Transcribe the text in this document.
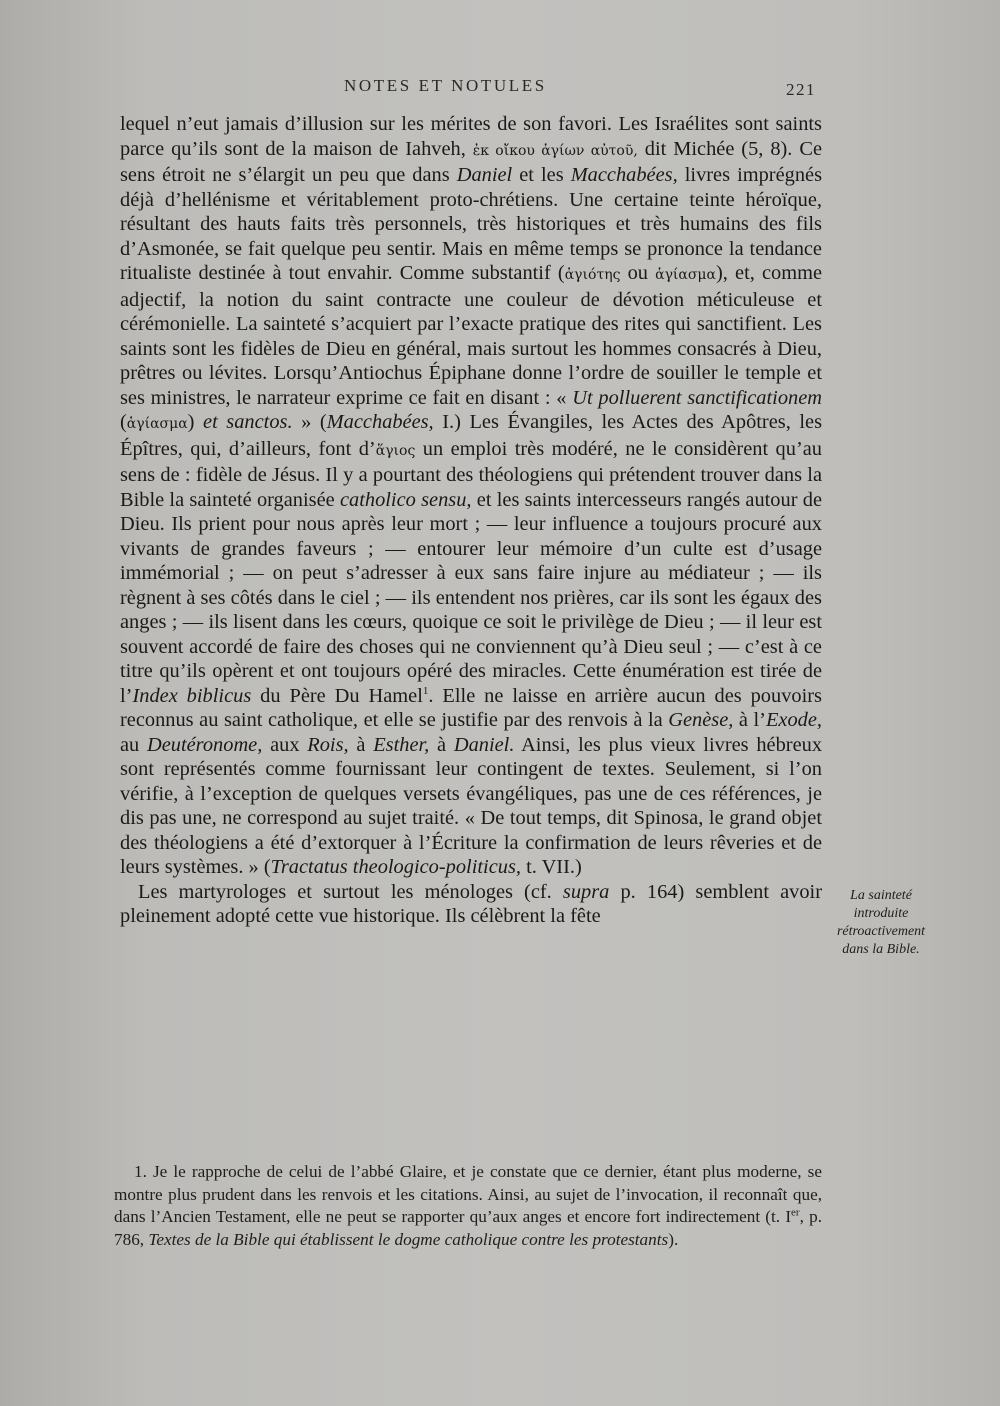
NOTES ET NOTULES	221

lequel n’eut jamais d’illusion sur les mérites de son favori. Les Israélites sont saints parce qu’ils sont de la maison de Iahveh, ἐκ οἴκου ἁγίων αὐτοῦ, dit Michée (5, 8). Ce sens étroit ne s’élargit un peu que dans Daniel et les Macchabées, livres imprégnés déjà d’hellénisme et véritablement proto-chrétiens. Une certaine teinte héroïque, résultant des hauts faits très personnels, très historiques et très humains des fils d’Asmonée, se fait quelque peu sentir. Mais en même temps se prononce la tendance ritualiste destinée à tout envahir. Comme substantif (ἁγιότης ou ἁγίασμα), et, comme adjectif, la notion du saint contracte une couleur de dévotion méticuleuse et cérémonielle. La sainteté s’acquiert par l’exacte pratique des rites qui sanctifient. Les saints sont les fidèles de Dieu en général, mais surtout les hommes consacrés à Dieu, prêtres ou lévites. Lorsqu’Antiochus Épiphane donne l’ordre de souiller le temple et ses ministres, le narrateur exprime ce fait en disant : « Ut polluerent sanctificationem (ἁγίασμα) et sanctos. » (Macchabées, I.) Les Évangiles, les Actes des Apôtres, les Épîtres, qui, d’ailleurs, font d’ἅγιος un emploi très modéré, ne le considèrent qu’au sens de : fidèle de Jésus. Il y a pourtant des théologiens qui prétendent trouver dans la Bible la sainteté organisée catholico sensu, et les saints intercesseurs rangés autour de Dieu. Ils prient pour nous après leur mort ; — leur influence a toujours procuré aux vivants de grandes faveurs ; — entourer leur mémoire d’un culte est d’usage immémorial ; — on peut s’adresser à eux sans faire injure au médiateur ; — ils règnent à ses côtés dans le ciel ; — ils entendent nos prières, car ils sont les égaux des anges ; — ils lisent dans les cœurs, quoique ce soit le privilège de Dieu ; — il leur est souvent accordé de faire des choses qui ne conviennent qu’à Dieu seul ; — c’est à ce titre qu’ils opèrent et ont toujours opéré des miracles. Cette énumération est tirée de l’Index biblicus du Père Du Hamel$^1$. Elle ne laisse en arrière aucun des pouvoirs reconnus au saint catholique, et elle se justifie par des renvois à la Genèse, à l’Exode, au Deutéronome, aux Rois, à Esther, à Daniel. Ainsi, les plus vieux livres hébreux sont représentés comme fournissant leur contingent de textes. Seulement, si l’on vérifie, à l’exception de quelques versets évangéliques, pas une de ces références, je dis pas une, ne correspond au sujet traité. « De tout temps, dit Spinosa, le grand objet des théologiens a été d’extorquer à l’Écriture la confirmation de leurs rêveries et de leurs systèmes. » (Tractatus theologico-politicus, t. VII.)

Les martyrologes et surtout les ménologes (cf. supra p. 164) semblent avoir pleinement adopté cette vue historique. Ils célèbrent la fête

La sainteté
introduite
rétroactivement
dans la Bible.
1. Je le rapproche de celui de l’abbé Glaire, et je constate que ce dernier, étant plus moderne, se montre plus prudent dans les renvois et les citations. Ainsi, au sujet de l’invocation, il reconnaît que, dans l’Ancien Testament, elle ne peut se rapporter qu’aux anges et encore fort indirectement (t. Ier, p. 786, Textes de la Bible qui établissent le dogme catholique contre les protestants).
